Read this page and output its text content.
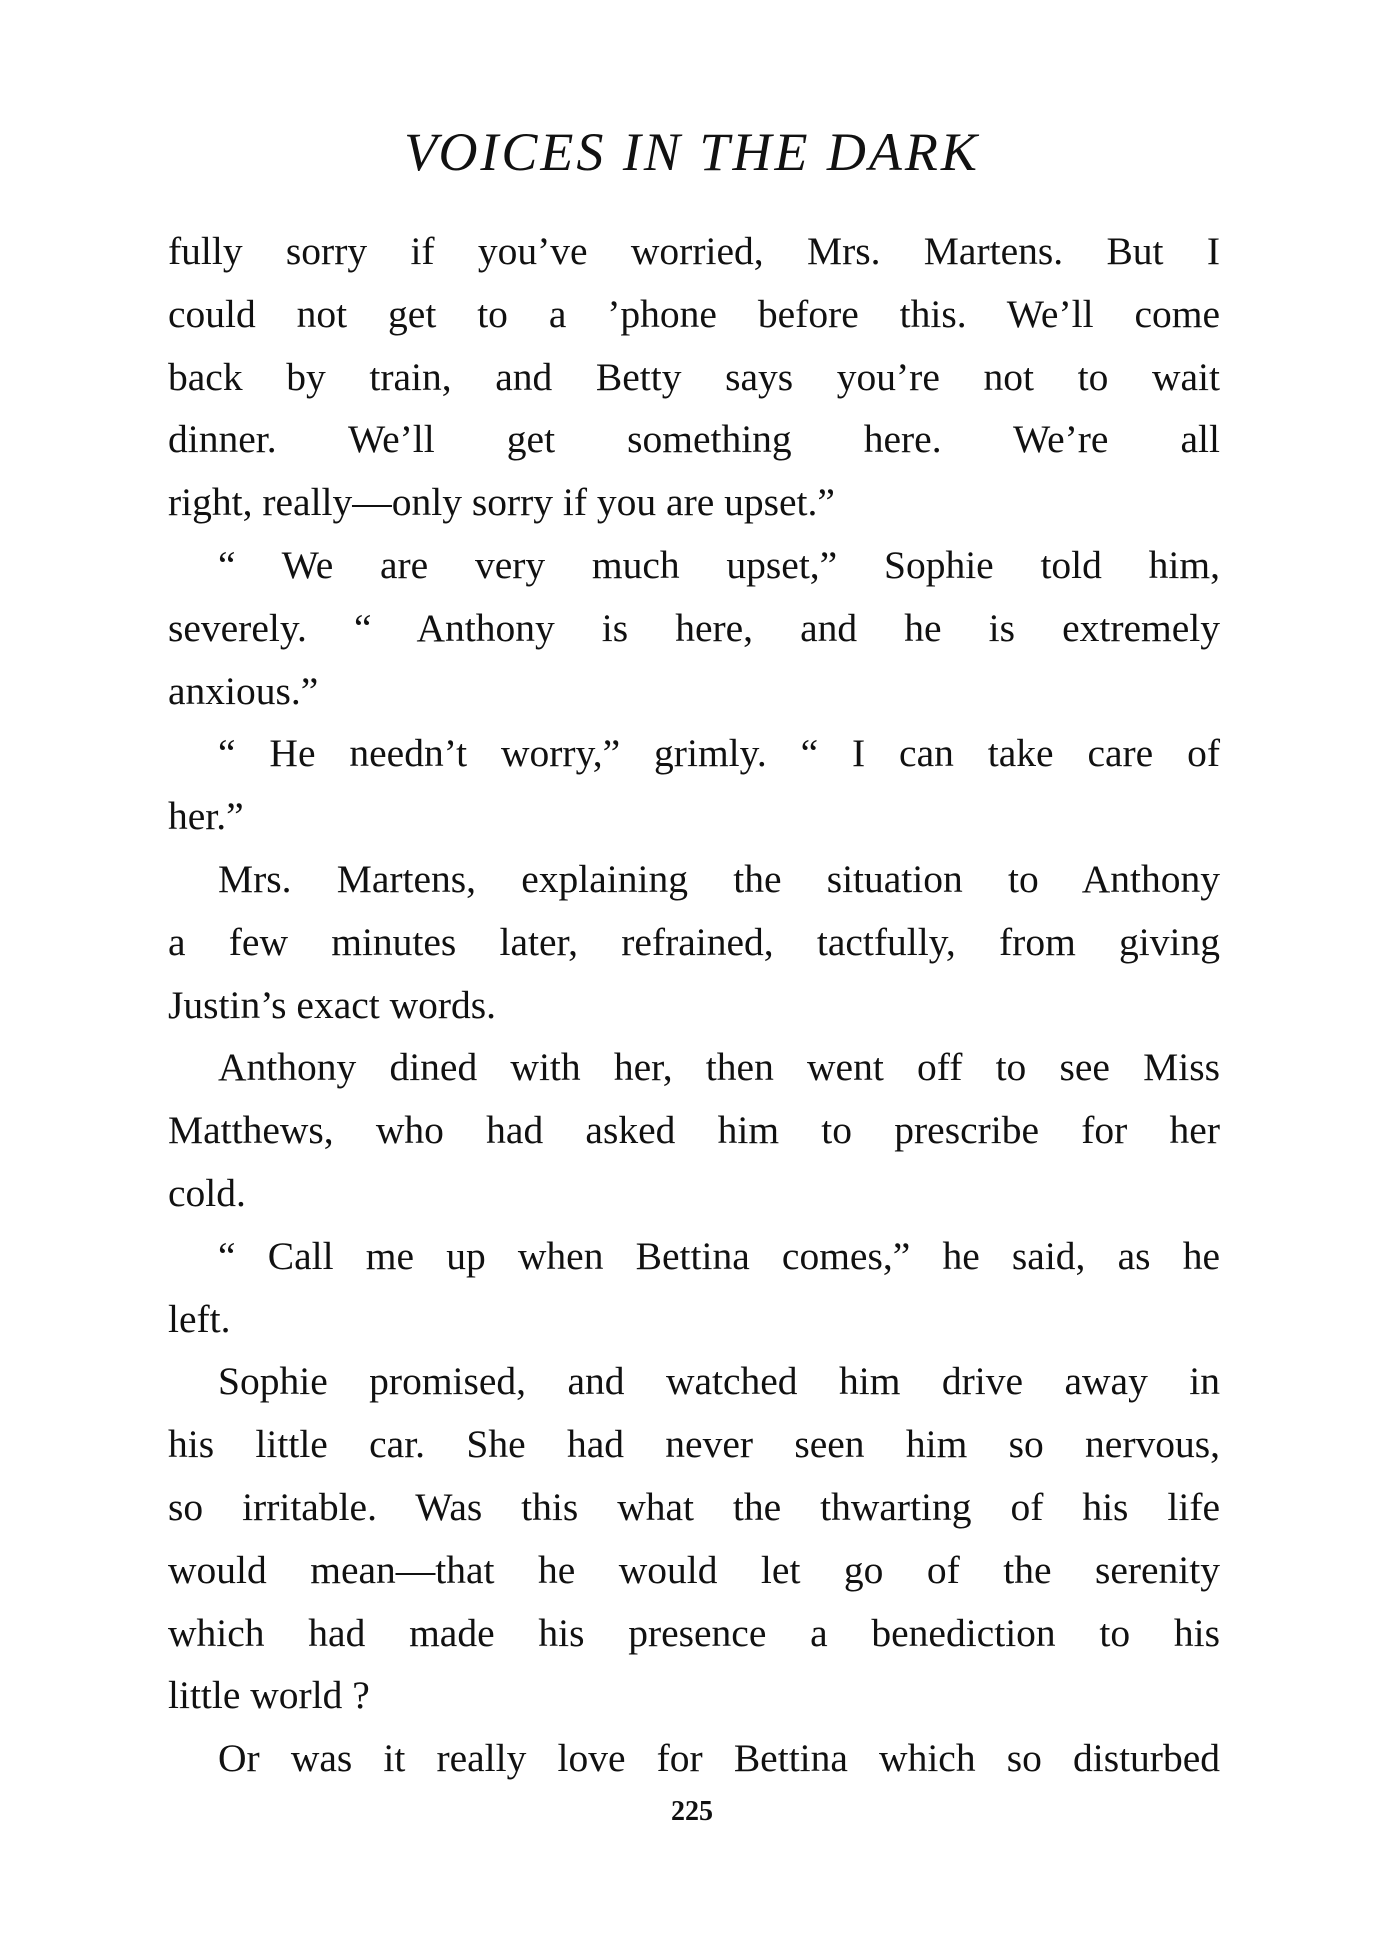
VOICES IN THE DARK
fully sorry if you’ve worried, Mrs. Martens. But I
could not get to a ’phone before this. We’ll come
back by train, and Betty says you’re not to wait
dinner. We’ll get something here. We’re all
right, really—only sorry if you are upset.”
“ We are very much upset,” Sophie told him,
severely. “ Anthony is here, and he is extremely
anxious.”
“ He needn’t worry,” grimly. “ I can take care of
her.”
Mrs. Martens, explaining the situation to Anthony
a few minutes later, refrained, tactfully, from giving
Justin’s exact words.
Anthony dined with her, then went off to see Miss
Matthews, who had asked him to prescribe for her
cold.
“ Call me up when Bettina comes,” he said, as he
left.
Sophie promised, and watched him drive away in
his little car. She had never seen him so nervous,
so irritable. Was this what the thwarting of his life
would mean—that he would let go of the serenity
which had made his presence a benediction to his
little world ?
Or was it really love for Bettina which so disturbed
225
